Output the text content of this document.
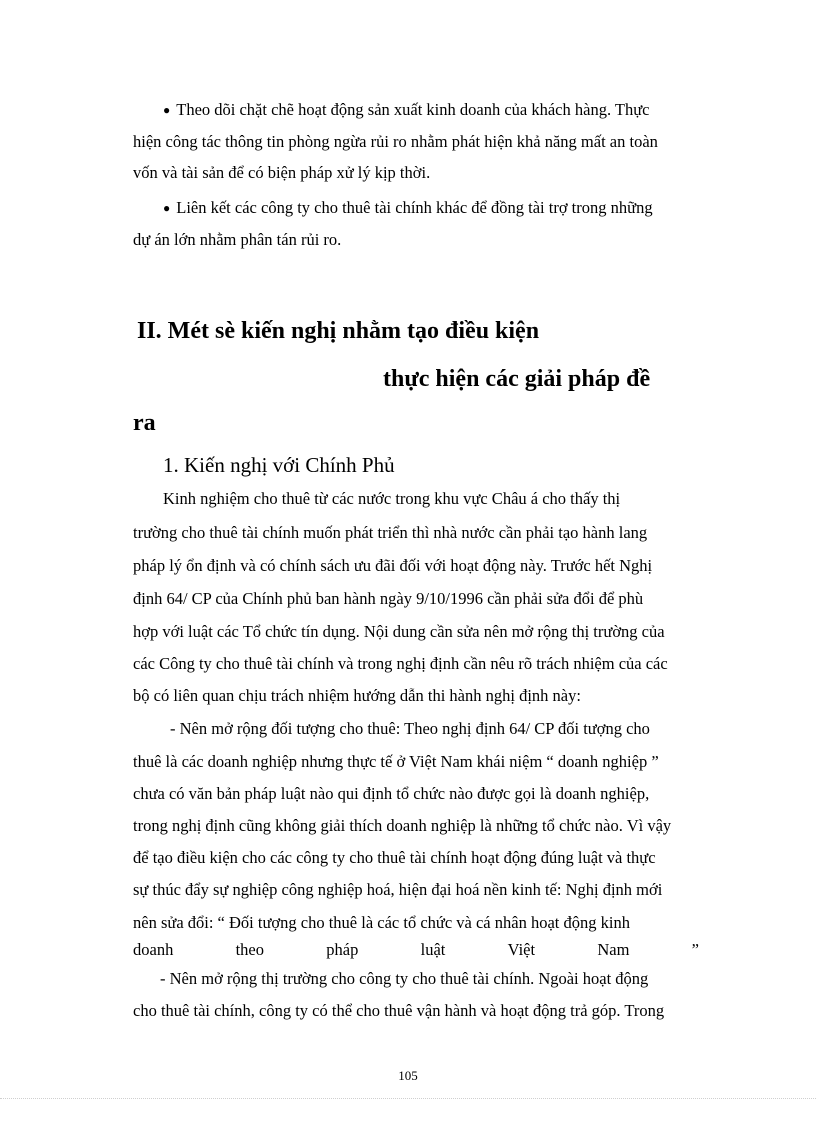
● Theo dõi chặt chẽ hoạt động sản xuất kinh doanh của khách hàng. Thực
hiện công tác thông tin phòng ngừa rủi ro nhằm phát hiện khả năng mất an toàn
vốn và tài sản để có biện pháp xử lý kịp thời.
● Liên kết các công ty cho thuê tài chính khác để đồng tài trợ trong những
dự án lớn nhằm phân tán rủi ro.
II. Mét sè kiến nghị nhằm tạo điều kiện
thực hiện các giải pháp đề
ra
1. Kiến nghị với Chính Phủ
Kinh nghiệm cho thuê từ các nước trong khu vực Châu á cho thấy thị
trường cho thuê tài chính muốn phát triển thì nhà nước cần phải tạo hành lang
pháp lý ổn định và có chính sách ưu đãi đối với hoạt động này. Trước hết Nghị
định 64/ CP của Chính phủ ban hành ngày 9/10/1996 cần phải sửa đổi để phù
hợp với luật các Tổ chức tín dụng. Nội dung cần sửa nên mở rộng thị trường của
các Công ty cho thuê tài chính và trong nghị định cần nêu rõ trách nhiệm của các
bộ có liên quan chịu trách nhiệm hướng dẫn thi hành nghị định này:
- Nên mở rộng đối tượng cho thuê: Theo nghị định 64/ CP đối tượng cho
thuê là các doanh nghiệp nhưng thực tế ở Việt Nam khái niệm “ doanh nghiệp ”
chưa có văn bản pháp luật nào qui định tổ chức nào được gọi là doanh nghiệp,
trong nghị định cũng không giải thích doanh nghiệp là những tổ chức nào. Vì vậy
để tạo điều kiện cho các công ty cho thuê tài chính hoạt động đúng luật và thực
sự thúc đẩy sự nghiệp công nghiệp hoá, hiện đại hoá nền kinh tế: Nghị định mới
nên sửa đổi: “ Đối tượng cho thuê là các tổ chức và cá nhân hoạt động kinh
doanh	theo	pháp	luật	Việt	Nam	”
- Nên mở rộng thị trường cho công ty cho thuê tài chính. Ngoài hoạt động
cho thuê tài chính, công ty có thể cho thuê vận hành và hoạt động trả góp. Trong
105
